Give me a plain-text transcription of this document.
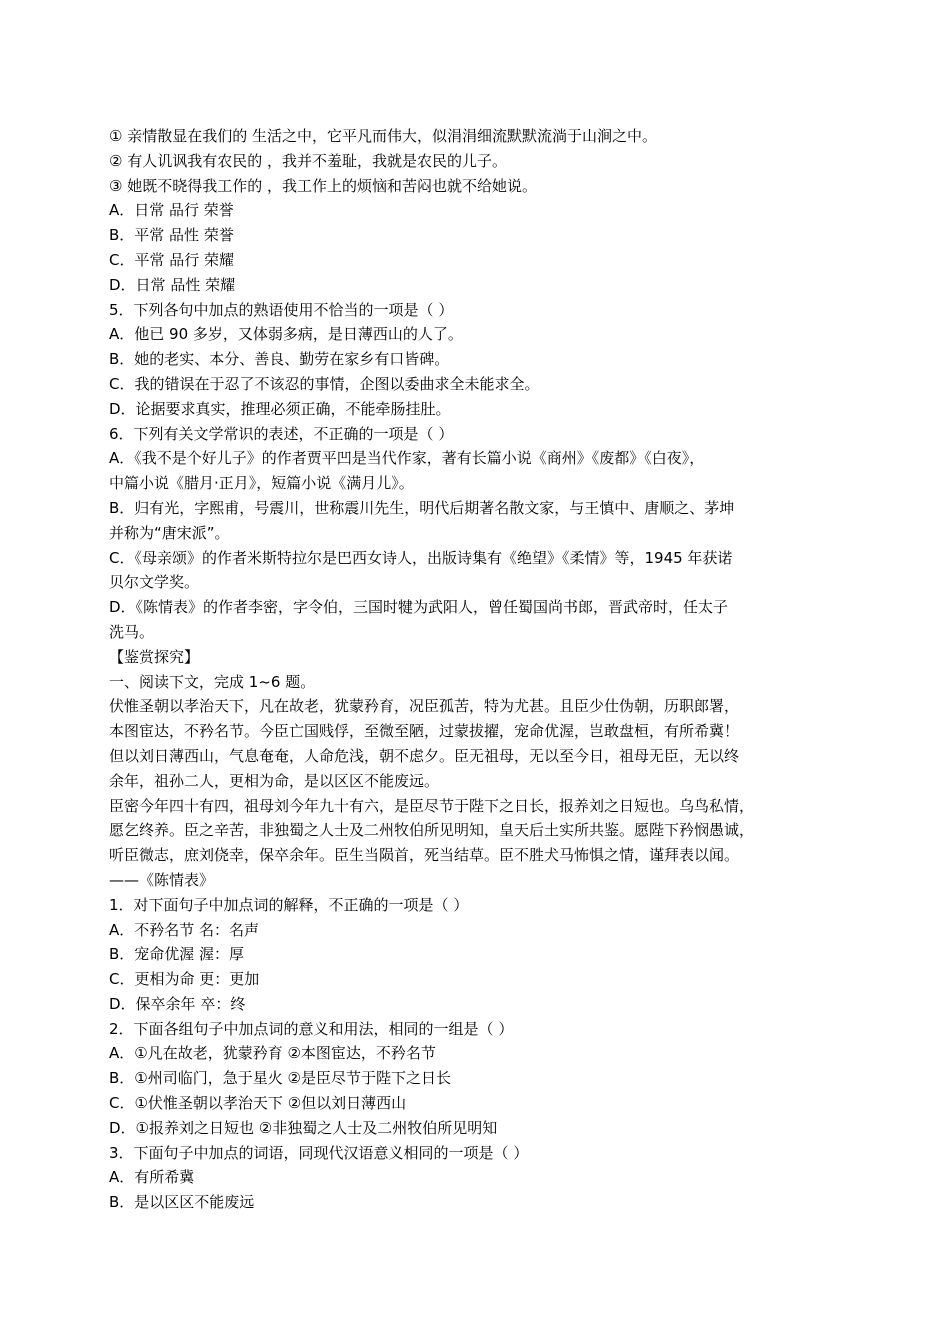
① 亲情散显在我们的 生活之中，它平凡而伟大，似涓涓细流默默流淌于山涧之中。
② 有人讥讽我有农民的 ，我并不羞耻，我就是农民的儿子。
③ 她既不晓得我工作的 ，我工作上的烦恼和苦闷也就不给她说。
A．日常 品行 荣誉
B．平常 品性 荣誉
C．平常 品行 荣耀
D．日常 品性 荣耀
5．下列各句中加点的熟语使用不恰当的一项是（ ）
A．他已 90 多岁，又体弱多病，是日薄西山的人了。
B．她的老实、本分、善良、勤劳在家乡有口皆碑。
C．我的错误在于忍了不该忍的事情，企图以委曲求全未能求全。
D．论据要求真实，推理必须正确，不能牵肠挂肚。
6．下列有关文学常识的表述，不正确的一项是（ ）
A．《我不是个好儿子》的作者贾平凹是当代作家，著有长篇小说《商州》《废都》《白夜》，
中篇小说《腊月·正月》，短篇小说《满月儿》。
B．归有光，字熙甫，号震川，世称震川先生，明代后期著名散文家，与王慎中、唐顺之、茅坤
并称为“唐宋派”。
C．《母亲颂》的作者米斯特拉尔是巴西女诗人，出版诗集有《绝望》《柔情》等，1945 年获诺
贝尔文学奖。
D．《陈情表》的作者李密，字令伯，三国时犍为武阳人，曾任蜀国尚书郎，晋武帝时，任太子
洗马。
【鉴赏探究】
一、阅读下文，完成 1~6 题。
伏惟圣朝以孝治天下，凡在故老，犹蒙矜育，况臣孤苦，特为尤甚。且臣少仕伪朝，历职郎署，
本图宦达，不矜名节。今臣亡国贱俘，至微至陋，过蒙拔擢，宠命优渥，岂敢盘桓，有所希冀！
但以刘日薄西山，气息奄奄，人命危浅，朝不虑夕。臣无祖母，无以至今日，祖母无臣，无以终
余年，祖孙二人，更相为命，是以区区不能废远。
臣密今年四十有四，祖母刘今年九十有六，是臣尽节于陛下之日长，报养刘之日短也。乌鸟私情，
愿乞终养。臣之辛苦，非独蜀之人士及二州牧伯所见明知，皇天后土实所共鉴。愿陛下矜悯愚诚，
听臣微志，庶刘侥幸，保卒余年。臣生当陨首，死当结草。臣不胜犬马怖惧之情，谨拜表以闻。
——《陈情表》
1．对下面句子中加点词的解释，不正确的一项是（ ）
A．不矜名节 名：名声
B．宠命优渥 渥：厚
C．更相为命 更：更加
D．保卒余年 卒：终
2．下面各组句子中加点词的意义和用法，相同的一组是（ ）
A．①凡在故老，犹蒙矜育 ②本图宦达，不矜名节
B．①州司临门，急于星火 ②是臣尽节于陛下之日长
C．①伏惟圣朝以孝治天下 ②但以刘日薄西山
D．①报养刘之日短也 ②非独蜀之人士及二州牧伯所见明知
3．下面句子中加点的词语，同现代汉语意义相同的一项是（ ）
A．有所希冀
B．是以区区不能废远
